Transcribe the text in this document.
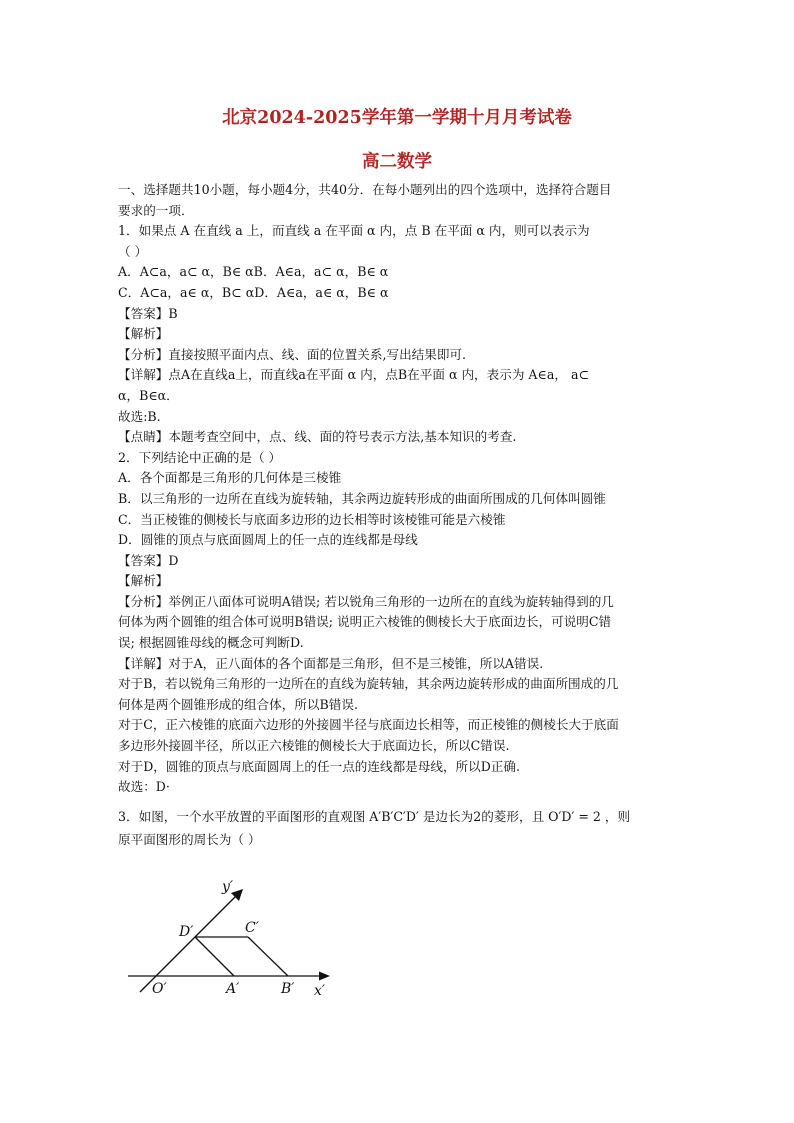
北京2024-2025学年第一学期十月月考试卷
高二数学
一、选择题共10小题，每小题4分，共40分．在每小题列出的四个选项中，选择符合题目
要求的一项．
1．如果点 A 在直线 a 上，而直线 a 在平面 α 内，点 B 在平面 α 内，则可以表示为
（ ）
A．A⊂a，a⊂ α，B∈ αB．A∈a，a⊂ α，B∈ α
C．A⊂a，a∈ α，B⊂ αD．A∈a，a∈ α，B∈ α
【答案】B
【解析】
【分析】直接按照平面内点、线、面的位置关系,写出结果即可.
【详解】点A在直线a上，而直线a在平面 α 内，点B在平面 α 内，表示为 A∈a， a⊂
α，B∈α．
故选:B.
【点睛】本题考查空间中，点、线、面的符号表示方法,基本知识的考查.
2．下列结论中正确的是（ ）
A．各个面都是三角形的几何体是三棱锥
B．以三角形的一边所在直线为旋转轴，其余两边旋转形成的曲面所围成的几何体叫圆锥
C．当正棱锥的侧棱长与底面多边形的边长相等时该棱锥可能是六棱锥
D．圆锥的顶点与底面圆周上的任一点的连线都是母线
【答案】D
【解析】
【分析】举例正八面体可说明A错误; 若以锐角三角形的一边所在的直线为旋转轴得到的几
何体为两个圆锥的组合体可说明B错误; 说明正六棱锥的侧棱长大于底面边长，可说明C错
误; 根据圆锥母线的概念可判断D.
【详解】对于A，正八面体的各个面都是三角形，但不是三棱锥，所以A错误.
对于B，若以锐角三角形的一边所在的直线为旋转轴，其余两边旋转形成的曲面所围成的几
何体是两个圆锥形成的组合体，所以B错误.
对于C，正六棱锥的底面六边形的外接圆半径与底面边长相等，而正棱锥的侧棱长大于底面
多边形外接圆半径，所以正六棱锥的侧棱长大于底面边长，所以C错误.
对于D，圆锥的顶点与底面圆周上的任一点的连线都是母线，所以D正确.
故选：D·
3．如图，一个水平放置的平面图形的直观图 A′B′C′D′ 是边长为2的菱形，且 O′D′ = 2 ，则
原平面图形的周长为（ ）
y′
D′	C′
O′	A′	B′ x′
